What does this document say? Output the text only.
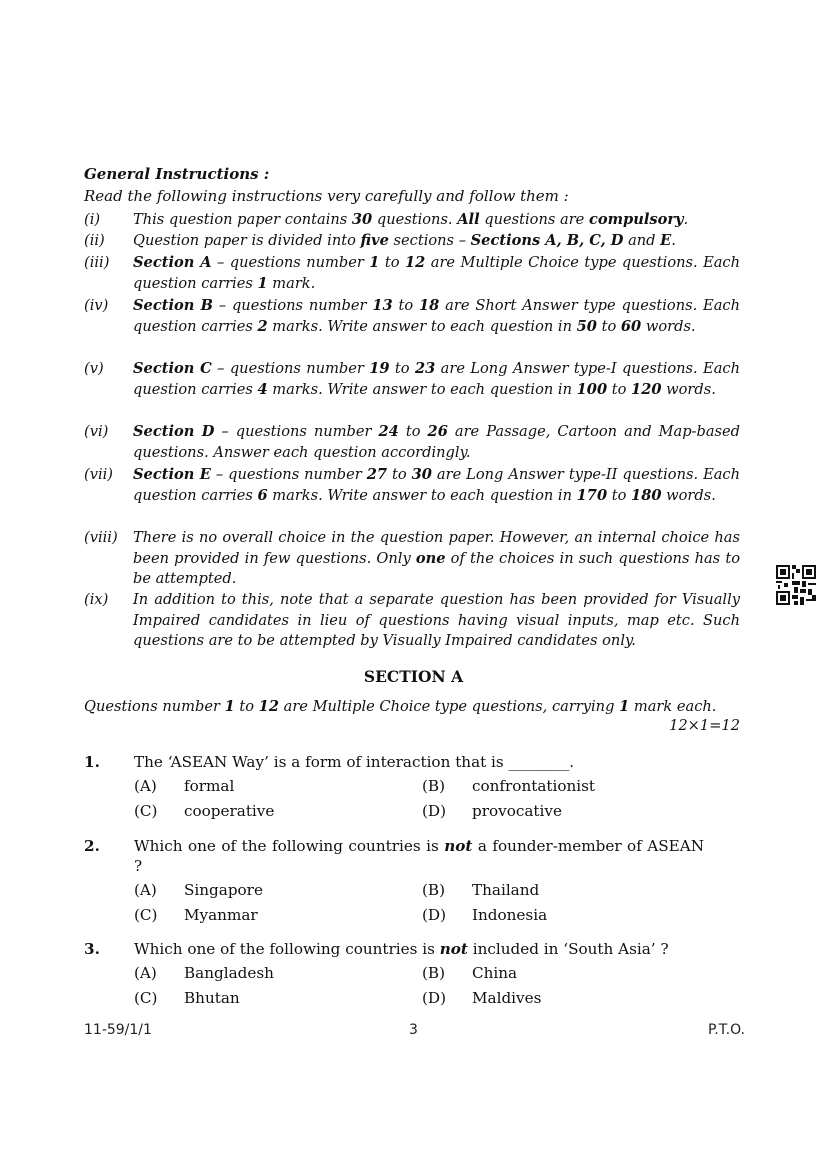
General Instructions :
Read the following instructions very carefully and follow them :
(i)	This question paper contains 30 questions. All questions are compulsory.
(ii)	Question paper is divided into five sections – Sections A, B, C, D and E.
(iii)	Section A – questions number 1 to 12 are Multiple Choice type questions. Each question carries 1 mark.
(iv)	Section B – questions number 13 to 18 are Short Answer type questions. Each question carries 2 marks. Write answer to each question in 50 to 60 words.
(v)	Section C – questions number 19 to 23 are Long Answer type-I questions. Each question carries 4 marks. Write answer to each question in 100 to 120 words.
(vi)	Section D – questions number 24 to 26 are Passage, Cartoon and Map-based questions. Answer each question accordingly.
(vii)	Section E – questions number 27 to 30 are Long Answer type-II questions. Each question carries 6 marks. Write answer to each question in 170 to 180 words.
(viii)	There is no overall choice in the question paper. However, an internal choice has been provided in few questions. Only one of the choices in such questions has to be attempted.
(ix)	In addition to this, note that a separate question has been provided for Visually Impaired candidates in lieu of questions having visual inputs, map etc. Such questions are to be attempted by Visually Impaired candidates only.
SECTION A
Questions number 1 to 12 are Multiple Choice type questions, carrying 1 mark each.
12×1=12
1. The ‘ASEAN Way’ is a form of interaction that is ________.
(A) formal	(B) confrontationist
(C) cooperative	(D) provocative
2. Which one of the following countries is not a founder-member of ASEAN ?
(A) Singapore	(B) Thailand
(C) Myanmar	(D) Indonesia
3. Which one of the following countries is not included in ‘South Asia’ ?
(A) Bangladesh	(B) China
(C) Bhutan	(D) Maldives
11-59/1/1	3	P.T.O.
